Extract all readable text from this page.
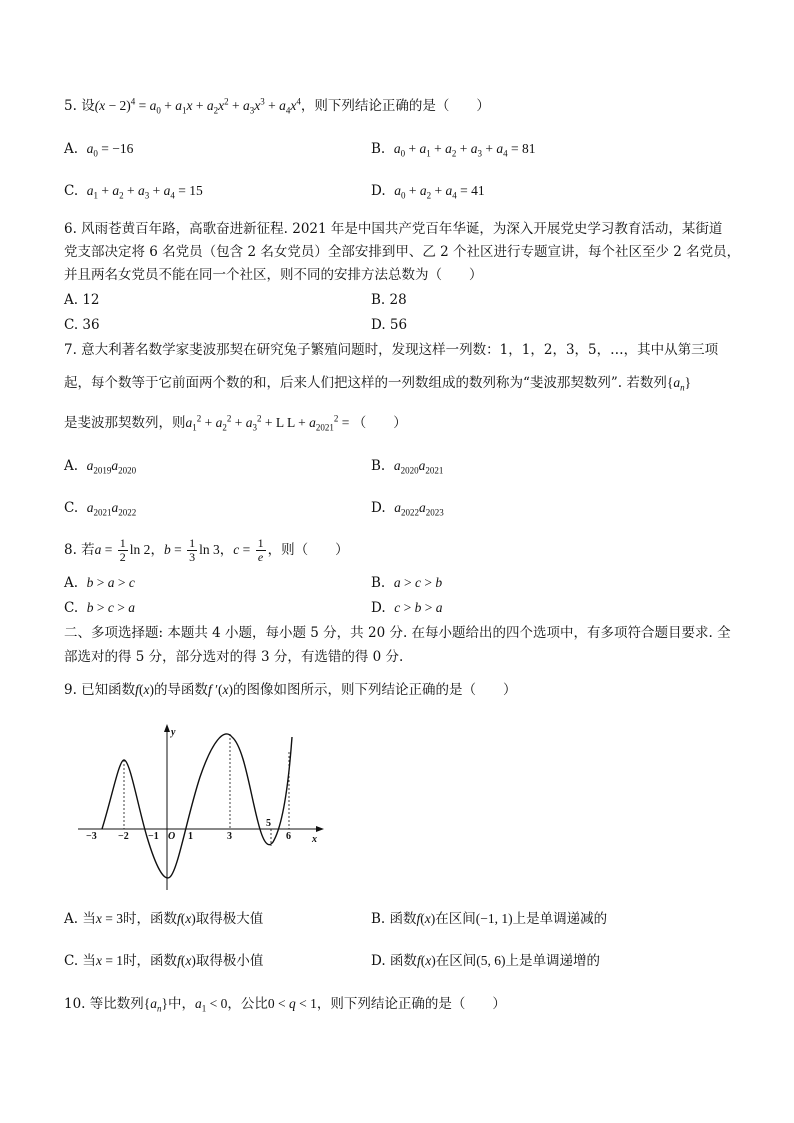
5. 设$(x - 2)^4 = a_0 + a_1x + a_2x^2 + a_3x^3 + a_4x^4$，则下列结论正确的是（　　）
A. $a_0 = -16$	B. $a_0 + a_1 + a_2 + a_3 + a_4 = 81$
C. $a_1 + a_2 + a_3 + a_4 = 15$	D. $a_0 + a_2 + a_4 = 41$
6. 风雨苍黄百年路，高歌奋进新征程. 2021 年是中国共产党百年华诞，为深入开展党史学习教育活动，某街道
党支部决定将 6 名党员（包含 2 名女党员）全部安排到甲、乙 2 个社区进行专题宣讲，每个社区至少 2 名党员，
并且两名女党员不能在同一个社区，则不同的安排方法总数为（　　）
A. 12	B. 28
C. 36	D. 56
7. 意大利著名数学家斐波那契在研究兔子繁殖问题时，发现这样一列数：1，1，2，3，5，…，其中从第三项
起，每个数等于它前面两个数的和，后来人们把这样的一列数组成的数列称为“斐波那契数列”. 若数列$\{a_n\}$
是斐波那契数列，则$a_1^2 + a_2^2 + a_3^2 + L$ $L + a_{2021}^2$ = （　　）
A. $a_{2019}a_{2020}$	B. $a_{2020}a_{2021}$
C. $a_{2021}a_{2022}$	D. $a_{2022}a_{2023}$
8. 若$a = \frac{1}{2}$ ln 2，$b = \frac{1}{3}$ ln 3，$c = \frac{1}{e}$ ，则（　　）
A. b > a > c	B. a > c > b
C. b > c > a	D. c > b > a
二、多项选择题: 本题共 4 小题，每小题 5 分，共 20 分. 在每小题给出的四个选项中，有多项符合题目要求. 全
部选对的得 5 分，部分选对的得 3 分，有选错的得 0 分.
9. 已知函数f(x)的导函数f ′(x)的图像如图所示，则下列结论正确的是（　　）
y
x
O
−3 −2 −1	1	3
5
6
A. 当x = 3时，函数f(x)取得极大值	B. 函数f(x)在区间(−1, 1)上是单调递减的
C. 当x = 1时，函数f(x)取得极小值	D. 函数f(x)在区间(5, 6)上是单调递增的
10. 等比数列$\{a_n\}$中，$a_1 < 0$，公比0 < q < 1，则下列结论正确的是（　　）
